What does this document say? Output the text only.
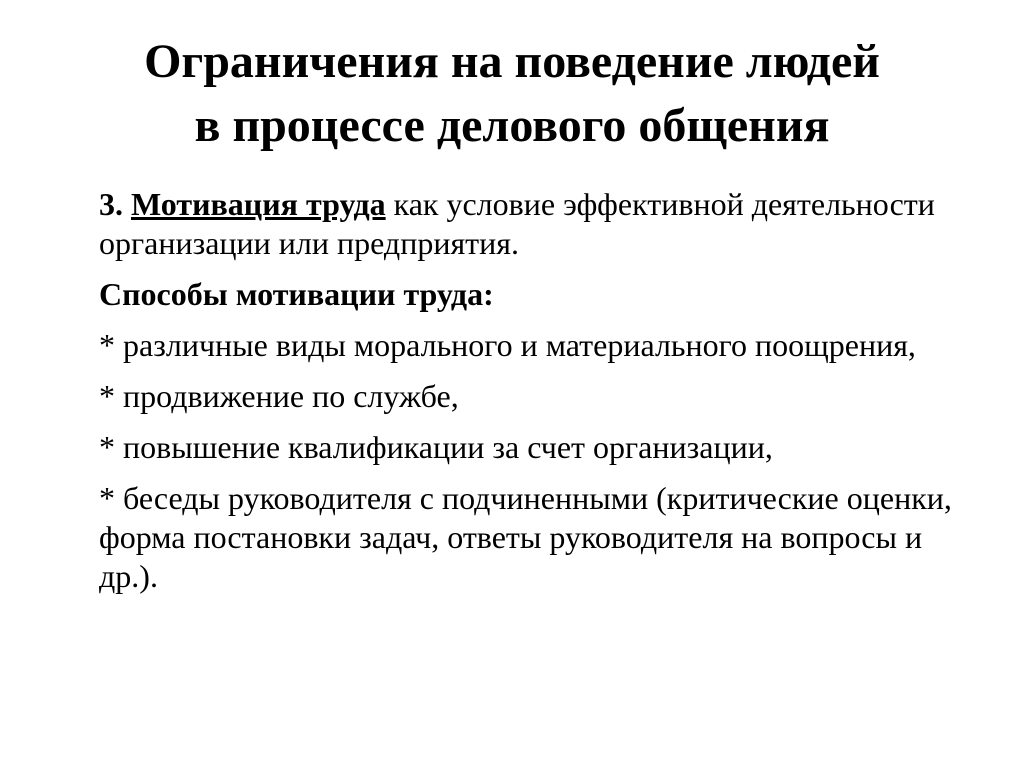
Ограничения на поведение людей
в процессе делового общения

3. Мотивация труда как условие эффективной деятельности организации или предприятия.

Способы мотивации труда:

* различные виды морального и материального поощрения,

* продвижение по службе,

* повышение квалификации за счет организации,

* беседы руководителя с подчиненными (критические оценки, форма постановки задач, ответы руководителя на вопросы и др.).
